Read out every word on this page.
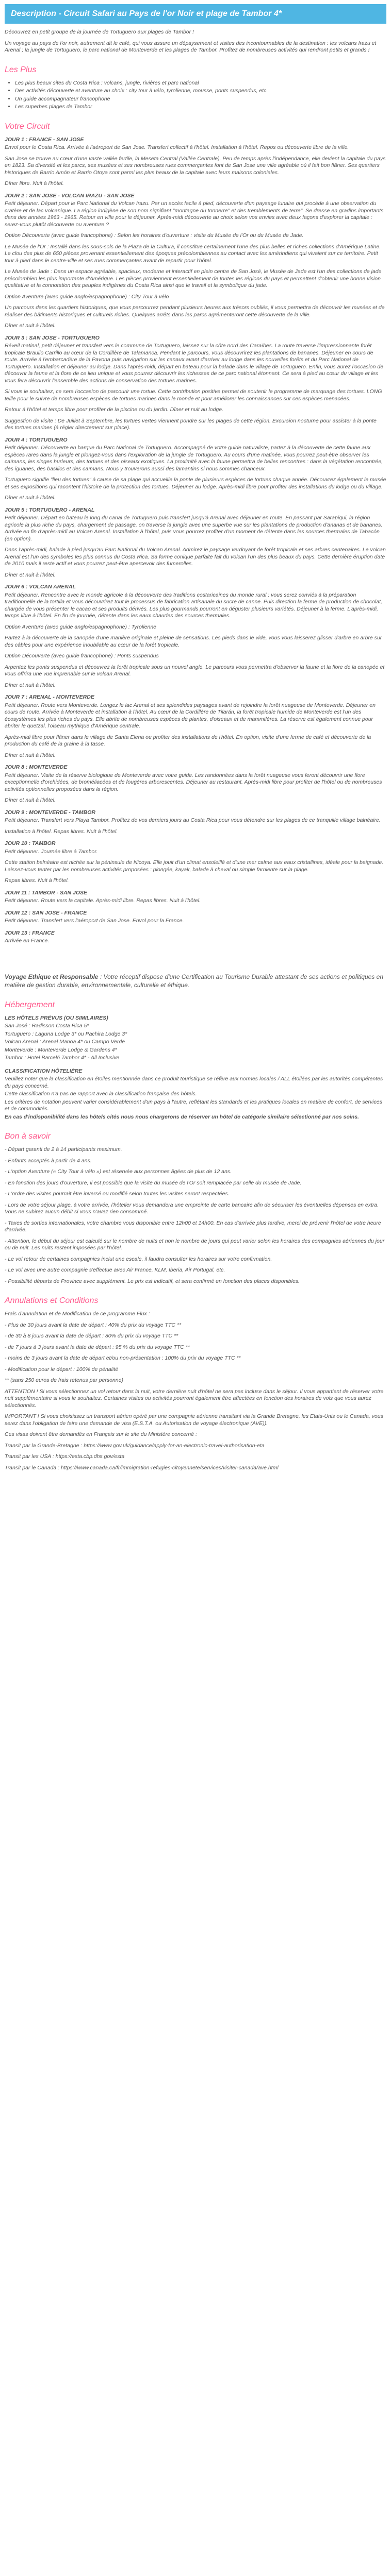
Description - Circuit Safari au Pays de l'or Noir et plage de Tambor 4*

Découvrez en petit groupe de la journée de Tortuguero aux plages de Tambor !

Un voyage au pays de l'or noir, autrement dit le café, qui vous assure un dépaysement et visites des incontournables de la destination : les volcans Irazu et Arenal ; la jungle de Tortuguero, le parc national de Monteverde et les plages de Tambor. Profitez de nombreuses activités qui rendront petits et grands !

Les Plus
• Les plus beaux sites du Costa Rica : volcans, jungle, rivières et parc national
• Des activités découverte et aventure au choix : city tour à vélo, tyrolienne, mousse, ponts suspendus, etc.
• Un guide accompagnateur francophone
• Les superbes plages de Tambor
Votre Circuit

JOUR 1 : FRANCE - SAN JOSE

Envol pour le Costa Rica. Arrivée à l'aéroport de San Jose. Transfert collectif à l'hôtel. Installation à l'hôtel. Repos ou découverte libre de la ville.

San Jose se trouve au cœur d'une vaste vallée fertile, la Meseta Central (Vallée Centrale). Peu de temps après l'indépendance, elle devient la capitale du pays en 1823. Sa diversité et les parcs, ses musées et ses nombreuses rues commerçantes font de San Jose une ville agréable où il fait bon flâner. Ses quartiers historiques de Barrio Amón et Barrio Otoya sont parmi les plus beaux de la capitale avec leurs maisons coloniales.

Dîner libre. Nuit à l'hôtel.

JOUR 2 : SAN JOSE - VOLCAN IRAZU - SAN JOSE

Petit déjeuner. Départ pour le Parc National du Volcan Irazu. Par un accès facile à pied, découverte d'un paysage lunaire qui procède à une observation du cratère et de lac volcanique. La région indigène de son nom signifiant "montagne du tonnerre" et des tremblements de terre". Se dresse en gradins importants dans des années 1963 - 1965. Retour en ville pour le déjeuner. Après-midi découverte au choix selon vos envies avec deux façons d'explorer la capitale : serez-vous plutôt découverte ou aventure ?

Option Découverte (avec guide francophone) : Selon les horaires d'ouverture : visite du Musée de l'Or ou du Musée de Jade.

Le Musée de l'Or : Installé dans les sous-sols de la Plaza de la Cultura, il constitue certainement l'une des plus belles et riches collections d'Amérique Latine. Le clou des plus de 650 pièces provenant essentiellement des époques précolombiennes au contact avec les amérindiens qui vivaient sur ce territoire. Petit tour à pied dans le centre-ville et ses rues commerçantes avant de repartir pour l'hôtel.

Le Musée de Jade : Dans un espace agréable, spacieux, moderne et interactif en plein centre de San José, le Musée de Jade est l'un des collections de jade précolombien les plus importante d'Amérique. Les pièces proviennent essentiellement de toutes les régions du pays et permettent d'obtenir une bonne vision qualitative et la connotation des peuples indigènes du Costa Rica ainsi que le travail et la symbolique du jade.

Option Aventure (avec guide anglo/espagnophone) : City Tour à vélo

Un parcours dans les quartiers historiques, que vous parcourrez pendant plusieurs heures aux trésors oubliés, il vous permettra de découvrir les musées et de réaliser des bâtiments historiques et culturels riches. Quelques arrêts dans les parcs agrémenteront cette découverte de la ville.

Dîner et nuit à l'hôtel.

JOUR 3 : SAN JOSE - TORTUGUERO

Réveil matinal, petit déjeuner et transfert vers le commune de Tortuguero, laissez sur la côte nord des Caraïbes. La route traverse l'impressionnante forêt tropicale Braulio Carrillo au cœur de la Cordillère de Talamanca. Pendant le parcours, vous découvrirez les plantations de bananes. Déjeuner en cours de route. Arrivée à l'embarcadère de la Pavona puis navigation sur les canaux avant d'arriver au lodge dans les nouvelles forêts et du Parc National de Tortuguero. Installation et déjeuner au lodge. Dans l'après-midi, départ en bateau pour la balade dans le village de Tortuguero. Enfin, vous aurez l'occasion de découvrir la faune et la flore de ce lieu unique et vous pourrez découvrir les richesses de ce parc national étonnant. Ce sera à pied au cœur du village et les vous fera découvrir l'ensemble des actions de conservation des tortues marines.

Si vous le souhaitez, ce sera l'occasion de parcourir une tortue. Cette contribution positive permet de soutenir le programme de marquage des tortues. LONG tellle pour le suivre de nombreuses espèces de tortues marines dans le monde et pour améliorer les connaissances sur ces espèces menacées.

Retour à l'hôtel et temps libre pour profiter de la piscine ou du jardin. Dîner et nuit au lodge.

Suggestion de visite : De Juillet à Septembre, les tortues vertes viennent pondre sur les plages de cette région. Excursion nocturne pour assister à la ponte des tortues marines (à régler directement sur place).

JOUR 4 : TORTUGUERO

Petit déjeuner. Découverte en barque du Parc National de Tortuguero. Accompagné de votre guide naturaliste, partez à la découverte de cette faune aux espèces rares dans la jungle et plongez-vous dans l'exploration de la jungle de Tortuguero. Au cours d'une matinée, vous pourrez peut-être observer les caïmans, les singes hurleurs, des tortues et des oiseaux exotiques. La proximité avec la faune permettra de belles rencontres : dans la végétation rencontrée, des iguanes, des basilics et des caïmans. Nous y trouverons aussi des lamantins si nous sommes chanceux.

Tortuguero signifie "lieu des tortues" à cause de sa plage qui accueille la ponte de plusieurs espèces de tortues chaque année. Découvrez également le musée et ses expositions qui racontent l'histoire de la protection des tortues. Déjeuner au lodge. Après-midi libre pour profiter des installations du lodge ou du village.

Dîner et nuit à l'hôtel.

JOUR 5 : TORTUGUERO - ARENAL

Petit déjeuner. Départ en bateau le long du canal de Tortuguero puis transfert jusqu'à Arenal avec déjeuner en route. En passant par Sarapiqui, la région agricole la plus riche du pays, chargement de passage, on traverse la jungle avec une superbe vue sur les plantations de production d'ananas et de bananes. Arrivée en fin d'après-midi au Volcan Arenal. Installation à l'hôtel, puis vous pourrez profiter d'un moment de détente dans les sources thermales de Tabacón (en option).

Dans l'après-midi, balade à pied jusqu'au Parc National du Volcan Arenal. Admirez le paysage verdoyant de forêt tropicale et ses arbres centenaires. Le volcan Arenal est l'un des symboles les plus connus du Costa Rica. Sa forme conique parfaite fait du volcan l'un des plus beaux du pays. Cette dernière éruption date de 2010 mais il reste actif et vous pourrez peut-être apercevoir des fumerolles.

Dîner et nuit à l'hôtel.

JOUR 6 : VOLCAN ARENAL

Petit déjeuner. Rencontre avec le monde agricole à la découverte des traditions costaricaines du monde rural : vous serez conviés à la préparation traditionnelle de la tortilla et vous découvrirez tout le processus de fabrication artisanale du sucre de canne. Puis direction la ferme de production de chocolat, chargée de vous présenter le cacao et ses produits dérivés. Les plus gourmands pourront en déguster plusieurs variétés. Déjeuner à la ferme. L'après-midi, temps libre à l'hôtel. En fin de journée, détente dans les eaux chaudes des sources thermales.

Option Aventure (avec guide anglo/espagnophone) : Tyrolienne

Partez à la découverte de la canopée d'une manière originale et pleine de sensations. Les pieds dans le vide, vous vous laisserez glisser d'arbre en arbre sur des câbles pour une expérience inoubliable au cœur de la forêt tropicale.

Option Découverte (avec guide francophone) : Ponts suspendus

Arpentez les ponts suspendus et découvrez la forêt tropicale sous un nouvel angle. Le parcours vous permettra d'observer la faune et la flore de la canopée et vous offrira une vue imprenable sur le volcan Arenal.

Dîner et nuit à l'hôtel.

JOUR 7 : ARENAL - MONTEVERDE

Petit déjeuner. Route vers Monteverde. Longez le lac Arenal et ses splendides paysages avant de rejoindre la forêt nuageuse de Monteverde. Déjeuner en cours de route. Arrivée à Monteverde et installation à l'hôtel. Au cœur de la Cordillère de Tilarán, la forêt tropicale humide de Monteverde est l'un des écosystèmes les plus riches du pays. Elle abrite de nombreuses espèces de plantes, d'oiseaux et de mammifères. La réserve est également connue pour abriter le quetzal, l'oiseau mythique d'Amérique centrale.

Après-midi libre pour flâner dans le village de Santa Elena ou profiter des installations de l'hôtel. En option, visite d'une ferme de café et découverte de la production du café de la graine à la tasse.

Dîner et nuit à l'hôtel.

JOUR 8 : MONTEVERDE

Petit déjeuner. Visite de la réserve biologique de Monteverde avec votre guide. Les randonnées dans la forêt nuageuse vous feront découvrir une flore exceptionnelle d'orchidées, de broméliacées et de fougères arborescentes. Déjeuner au restaurant. Après-midi libre pour profiter de l'hôtel ou de nombreuses activités optionnelles proposées dans la région.

Dîner et nuit à l'hôtel.

JOUR 9 : MONTEVERDE - TAMBOR

Petit déjeuner. Transfert vers Playa Tambor. Profitez de vos derniers jours au Costa Rica pour vous détendre sur les plages de ce tranquille village balnéaire.

Installation à l'hôtel. Repas libres. Nuit à l'hôtel.

JOUR 10 : TAMBOR

Petit déjeuner. Journée libre à Tambor.

Cette station balnéaire est nichée sur la péninsule de Nicoya. Elle jouit d'un climat ensoleillé et d'une mer calme aux eaux cristallines, idéale pour la baignade. Laissez-vous tenter par les nombreuses activités proposées : plongée, kayak, balade à cheval ou simple farniente sur la plage.

Repas libres. Nuit à l'hôtel.

JOUR 11 : TAMBOR - SAN JOSE

Petit déjeuner. Route vers la capitale. Après-midi libre. Repas libres. Nuit à l'hôtel.

JOUR 12 : SAN JOSE - FRANCE

Petit déjeuner. Transfert vers l'aéroport de San Jose. Envol pour la France.

JOUR 13 : FRANCE

Arrivée en France.

Voyage Ethique et Responsable : Votre réceptif dispose d'une Certification au Tourisme Durable attestant de ses actions et politiques en matière de gestion durable, environnementale, culturelle et éthique.

Hébergement

LES HÔTELS PRÉVUS (OU SIMILAIRES)

San José : Radisson Costa Rica 5*

Tortuguero : Laguna Lodge 3* ou Pachira Lodge 3*

Volcan Arenal : Arenal Manoa 4* ou Campo Verde

Monteverde : Monteverde Lodge & Gardens 4*

Tambor : Hotel Barceló Tambor 4* - All Inclusive

CLASSIFICATION HÔTELIÈRE

Veuillez noter que la classification en étoiles mentionnée dans ce produit touristique se réfère aux normes locales / ALL étoilées par les autorités compétentes du pays concerné.

Cette classification n'a pas de rapport avec la classification française des hôtels.

Les critères de notation peuvent varier considérablement d'un pays à l'autre, reflétant les standards et les pratiques locales en matière de confort, de services et de commodités.

En cas d'indisponibilité dans les hôtels cités nous nous chargerons de réserver un hôtel de catégorie similaire sélectionné par nos soins.

Bon à savoir

- Départ garanti de 2 à 14 participants maximum.

- Enfants acceptés à partir de 4 ans.

- L'option Aventure (« City Tour à vélo ») est réservée aux personnes âgées de plus de 12 ans.

- En fonction des jours d'ouverture, il est possible que la visite du musée de l'Or soit remplacée par celle du musée de Jade.

- L'ordre des visites pourrait être inversé ou modifié selon toutes les visites seront respectées.

- Lors de votre séjour plage, à votre arrivée, l'hôtelier vous demandera une empreinte de carte bancaire afin de sécuriser les éventuelles dépenses en extra. Vous ne subirez aucun débit si vous n'avez rien consommé.

- Taxes de sorties internationales, votre chambre vous disponible entre 12h00 et 14h00. En cas d'arrivée plus tardive, merci de prévenir l'hôtel de votre heure d'arrivée.

- Attention, le début du séjour est calculé sur le nombre de nuits et non le nombre de jours qui peut varier selon les horaires des compagnies aériennes du jour ou de nuit. Les nuits restent imposées par l'hôtel.

- Le vol retour de certaines compagnies inclut une escale, il faudra consulter les horaires sur votre confirmation.

- Le vol avec une autre compagnie s'effectue avec Air France, KLM, Iberia, Air Portugal, etc.

- Possibilité départs de Province avec supplément. Le prix est indicatif, et sera confirmé en fonction des places disponibles.

Annulations et Conditions

Frais d'annulation et de Modification de ce programme Flux :

- Plus de 30 jours avant la date de départ : 40% du prix du voyage TTC **

- de 30 à 8 jours avant la date de départ : 80% du prix du voyage TTC **

- de 7 jours à 3 jours avant la date de départ : 95 % du prix du voyage TTC **

- moins de 3 jours avant la date de départ et/ou non-présentation : 100% du prix du voyage TTC **

- Modification pour le départ : 100% de pénalité

** (sans 250 euros de frais retenus par personne)

ATTENTION ! Si vous sélectionnez un vol retour dans la nuit, votre dernière nuit d'hôtel ne sera pas incluse dans le séjour. Il vous appartient de réserver votre nuit supplémentaire si vous le souhaitez. Certaines visites ou activités pourront également être affectées en fonction des horaires de vols que vous aurez sélectionnés.

IMPORTANT ! Si vous choisissez un transport aérien opéré par une compagnie aérienne transitant via la Grande Bretagne, les Etats-Unis ou le Canada, vous serez dans l'obligation de faire une demande de visa (E.S.T.A. ou Autorisation de voyage électronique (AVE)).

Ces visas doivent être demandés en Français sur le site du Ministère concerné :

Transit par la Grande-Bretagne : https://www.gov.uk/guidance/apply-for-an-electronic-travel-authorisation-eta

Transit par les USA : https://esta.cbp.dhs.gov/esta

Transit par le Canada : https://www.canada.ca/fr/immigration-refugies-citoyennete/services/visiter-canada/ave.html
